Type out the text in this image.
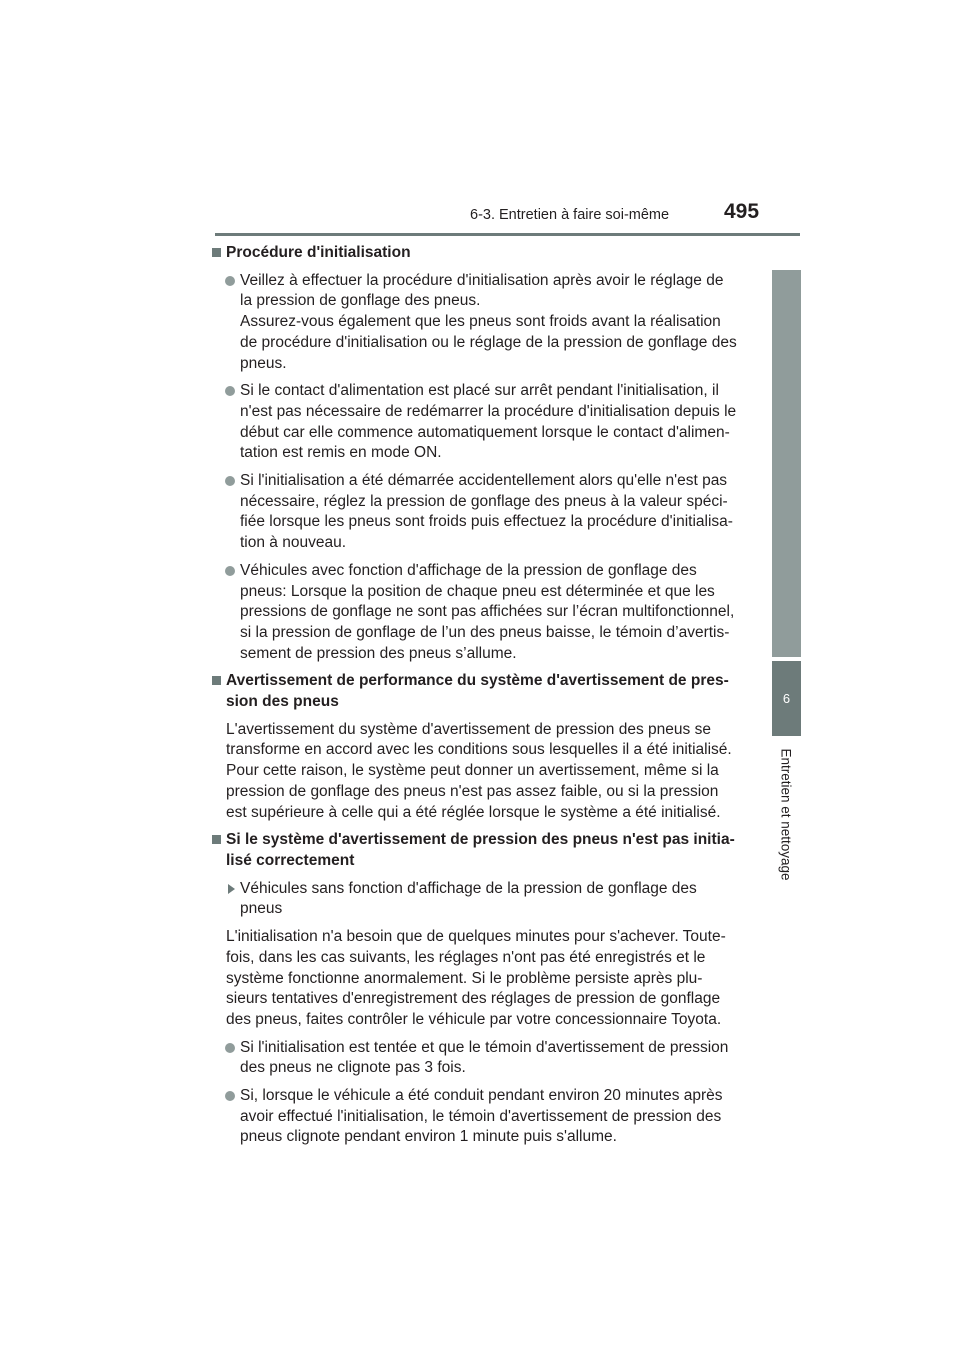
6-3. Entretien à faire soi-même	495
6
Entretien et nettoyage
Procédure d'initialisation
Veillez à effectuer la procédure d'initialisation après avoir le réglage de
la pression de gonflage des pneus.
Assurez-vous également que les pneus sont froids avant la réalisation
de procédure d'initialisation ou le réglage de la pression de gonflage des
pneus.
Si le contact d'alimentation est placé sur arrêt pendant l'initialisation, il
n'est pas nécessaire de redémarrer la procédure d'initialisation depuis le
début car elle commence automatiquement lorsque le contact d'alimen-
tation est remis en mode ON.
Si l'initialisation a été démarrée accidentellement alors qu'elle n'est pas
nécessaire, réglez la pression de gonflage des pneus à la valeur spéci-
fiée lorsque les pneus sont froids puis effectuez la procédure d'initialisa-
tion à nouveau.
Véhicules avec fonction d'affichage de la pression de gonflage des
pneus: Lorsque la position de chaque pneu est déterminée et que les
pressions de gonflage ne sont pas affichées sur l’écran multifonctionnel,
si la pression de gonflage de l’un des pneus baisse, le témoin d’avertis-
sement de pression des pneus s’allume.
Avertissement de performance du système d'avertissement de pres-
sion des pneus
L'avertissement du système d'avertissement de pression des pneus se
transforme en accord avec les conditions sous lesquelles il a été initialisé.
Pour cette raison, le système peut donner un avertissement, même si la
pression de gonflage des pneus n'est pas assez faible, ou si la pression
est supérieure à celle qui a été réglée lorsque le système a été initialisé.
Si le système d'avertissement de pression des pneus n'est pas initia-
lisé correctement
Véhicules sans fonction d'affichage de la pression de gonflage des
pneus
L'initialisation n'a besoin que de quelques minutes pour s'achever. Toute-
fois, dans les cas suivants, les réglages n'ont pas été enregistrés et le
système fonctionne anormalement. Si le problème persiste après plu-
sieurs tentatives d'enregistrement des réglages de pression de gonflage
des pneus, faites contrôler le véhicule par votre concessionnaire Toyota.
Si l'initialisation est tentée et que le témoin d'avertissement de pression
des pneus ne clignote pas 3 fois.
Si, lorsque le véhicule a été conduit pendant environ 20 minutes après
avoir effectué l'initialisation, le témoin d'avertissement de pression des
pneus clignote pendant environ 1 minute puis s'allume.
